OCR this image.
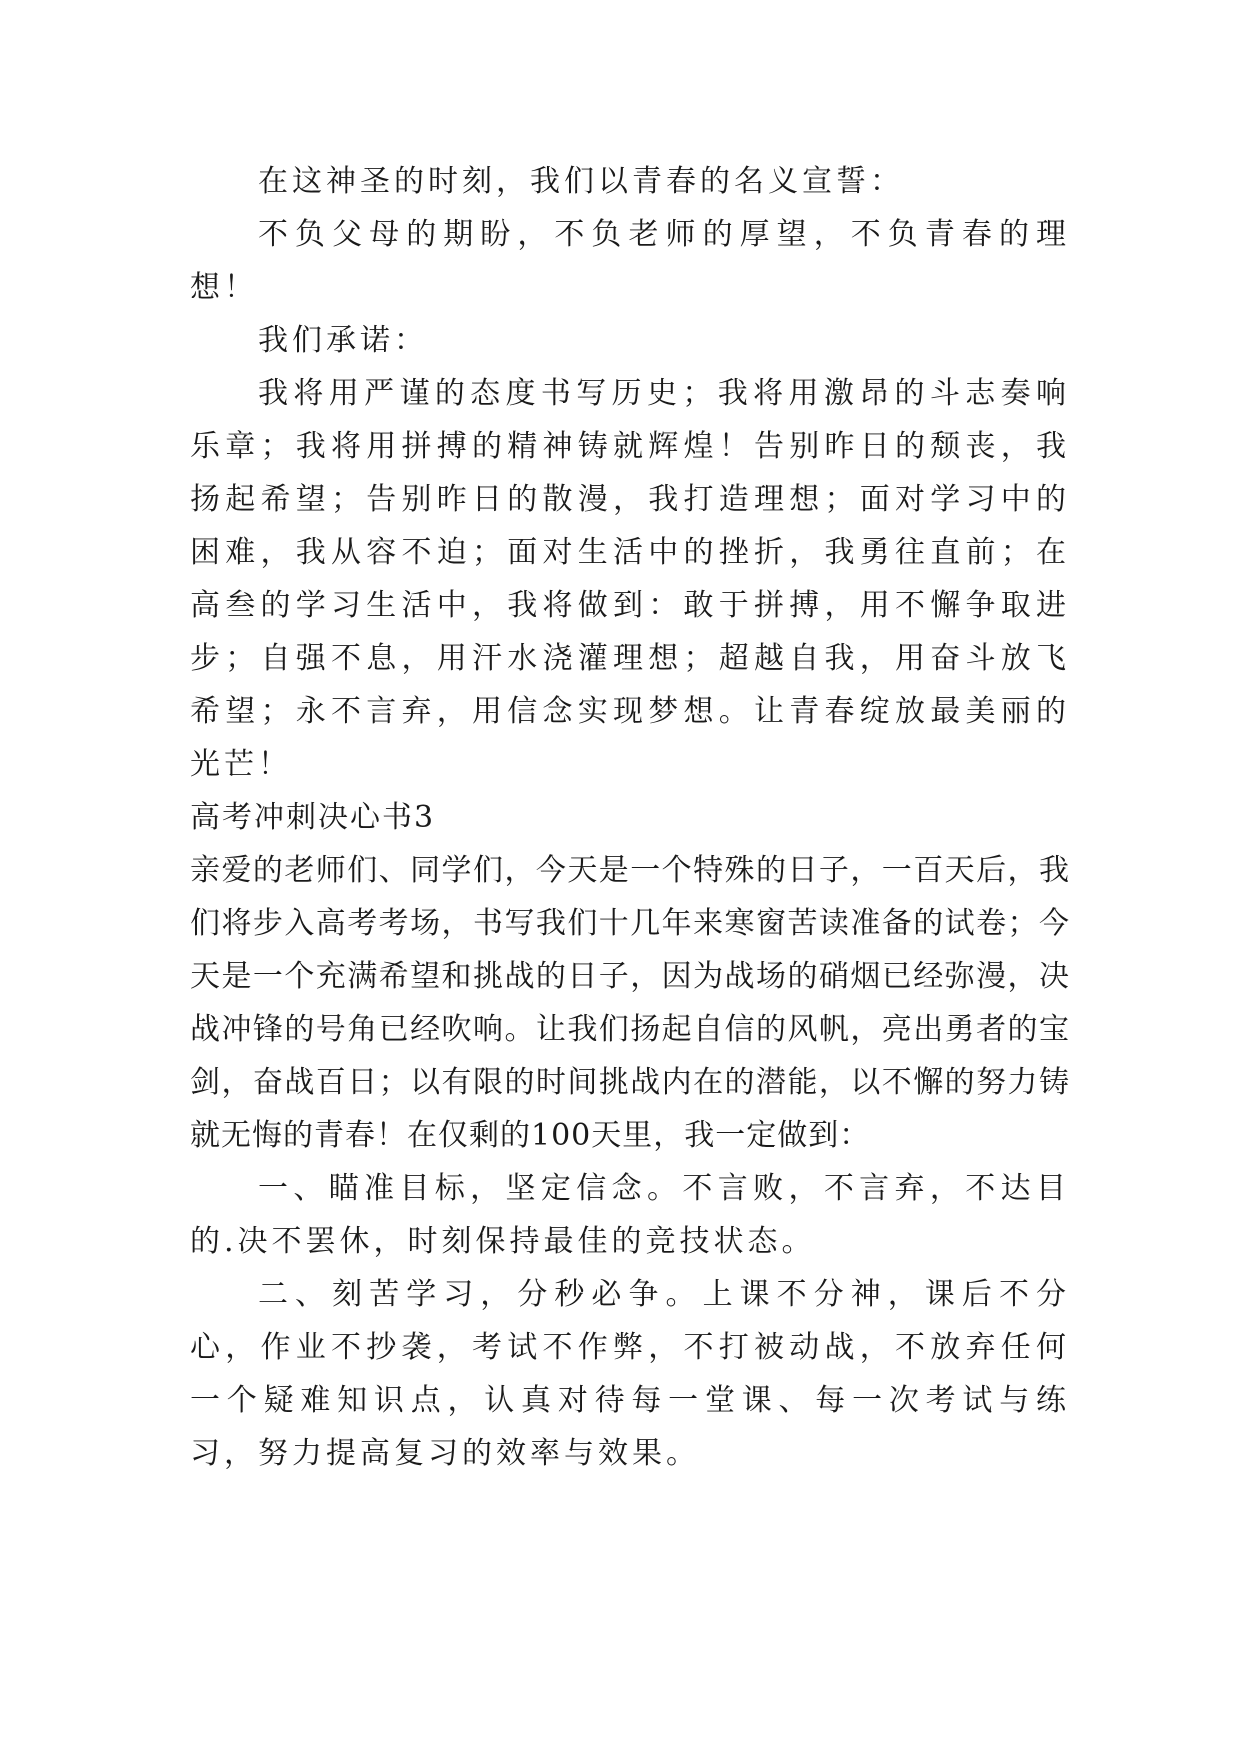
在这神圣的时刻，我们以青春的名义宣誓：

不负父母的期盼，不负老师的厚望，不负青春的理想！

我们承诺：

我将用严谨的态度书写历史；我将用激昂的斗志奏响乐章；我将用拼搏的精神铸就辉煌！告别昨日的颓丧，我扬起希望；告别昨日的散漫，我打造理想；面对学习中的困难，我从容不迫；面对生活中的挫折，我勇往直前；在高叁的学习生活中，我将做到：敢于拼搏，用不懈争取进步；自强不息，用汗水浇灌理想；超越自我，用奋斗放飞希望；永不言弃，用信念实现梦想。让青春绽放最美丽的光芒！

高考冲刺决心书3

亲爱的老师们、同学们，今天是一个特殊的日子，一百天后，我们将步入高考考场，书写我们十几年来寒窗苦读准备的试卷；今天是一个充满希望和挑战的日子，因为战场的硝烟已经弥漫，决战冲锋的号角已经吹响。让我们扬起自信的风帆，亮出勇者的宝剑，奋战百日；以有限的时间挑战内在的潜能，以不懈的努力铸就无悔的青春！在仅剩的100天里，我一定做到：

一、瞄准目标，坚定信念。不言败，不言弃，不达目的.决不罢休，时刻保持最佳的竞技状态。

二、刻苦学习，分秒必争。上课不分神，课后不分心，作业不抄袭，考试不作弊，不打被动战，不放弃任何一个疑难知识点，认真对待每一堂课、每一次考试与练习，努力提高复习的效率与效果。
